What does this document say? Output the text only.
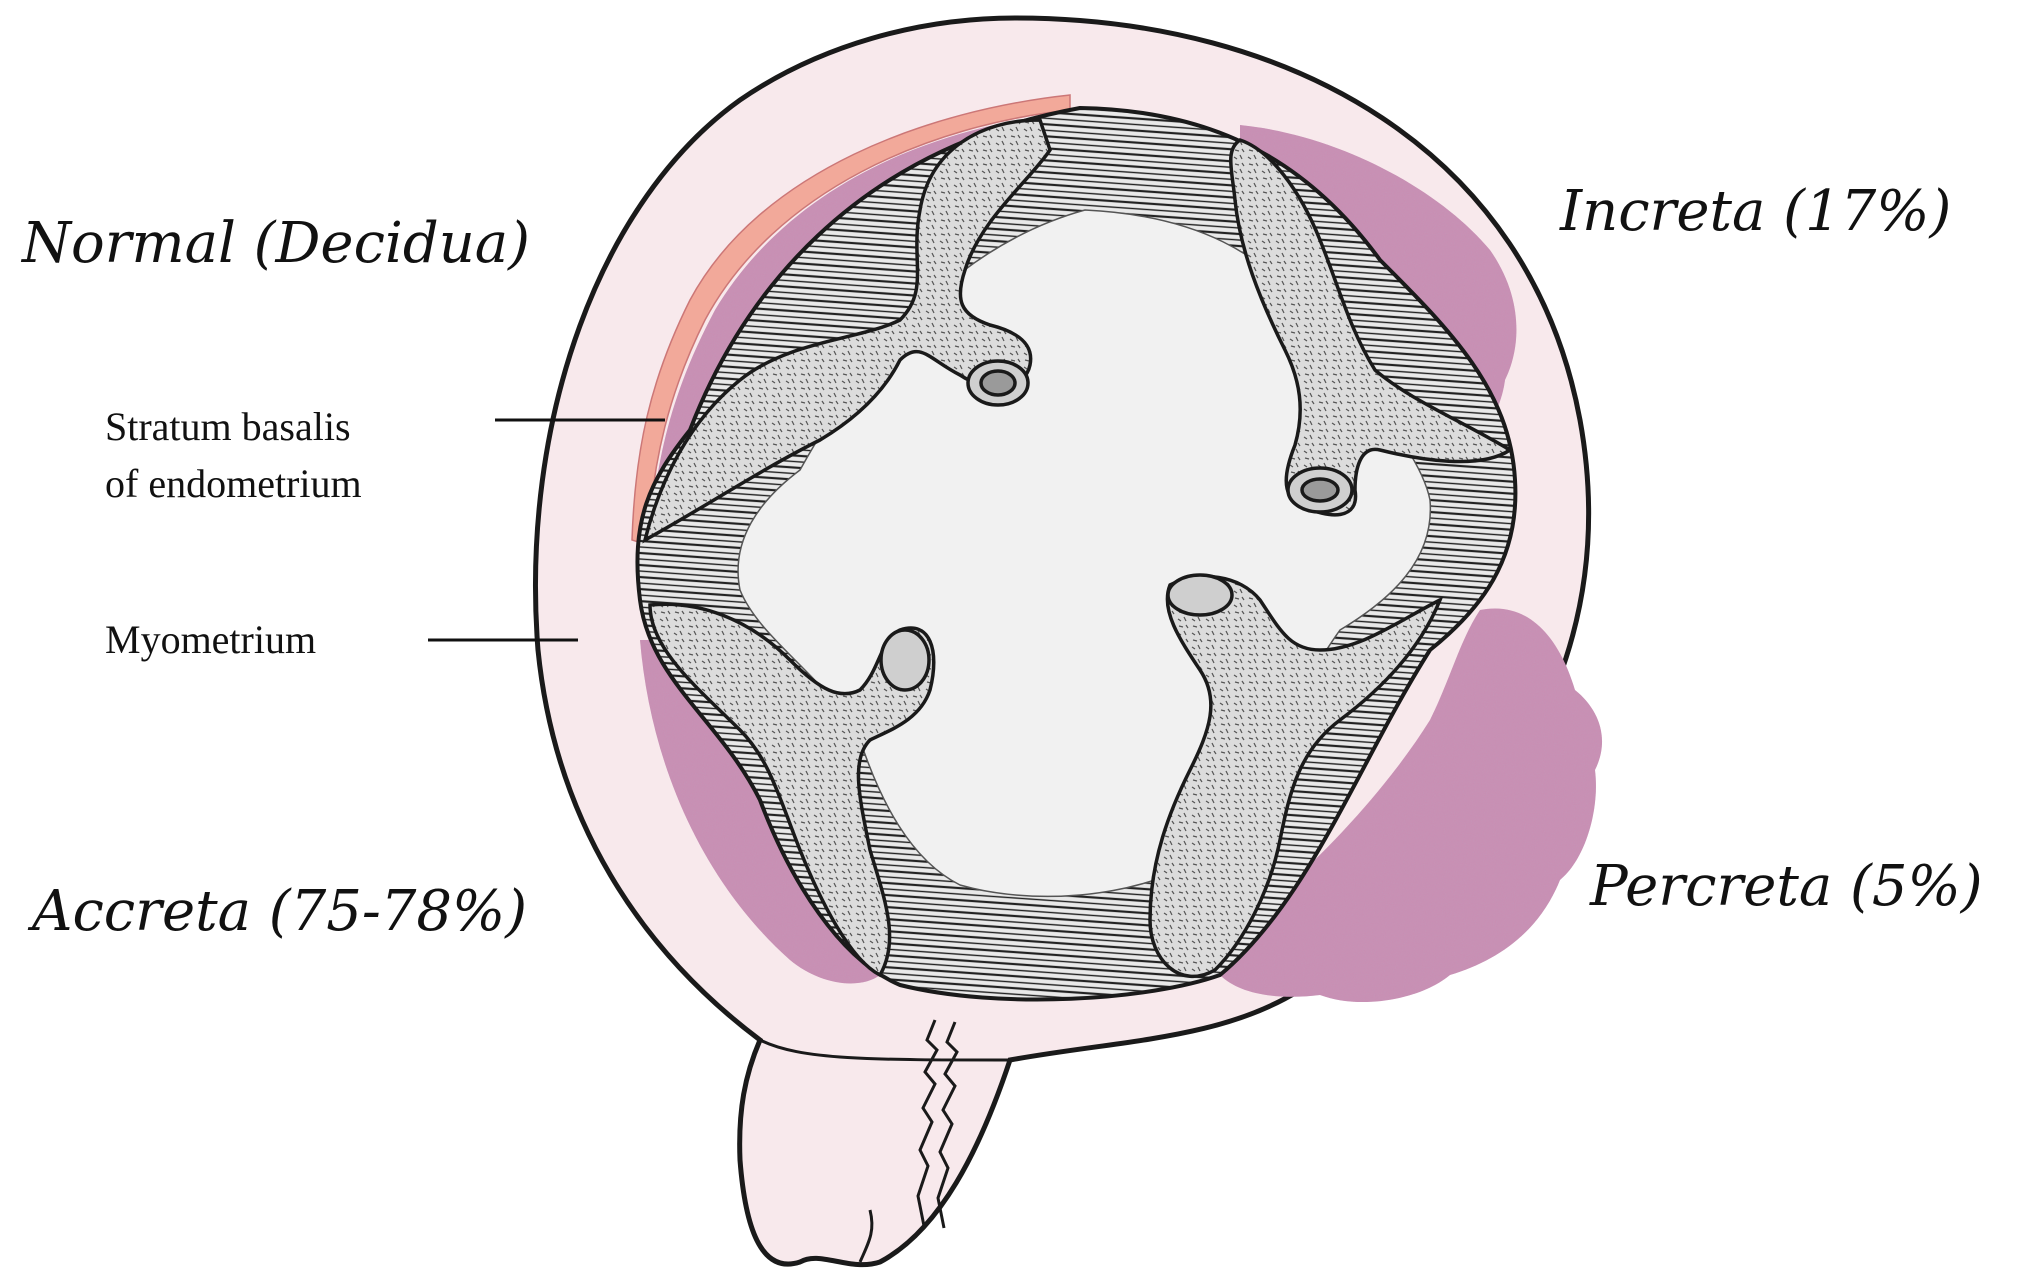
Normal (Decidua)	Increta (17%)
Accreta (75-78%)	Percreta (5%)
Stratum basalis
of endometrium
Myometrium
